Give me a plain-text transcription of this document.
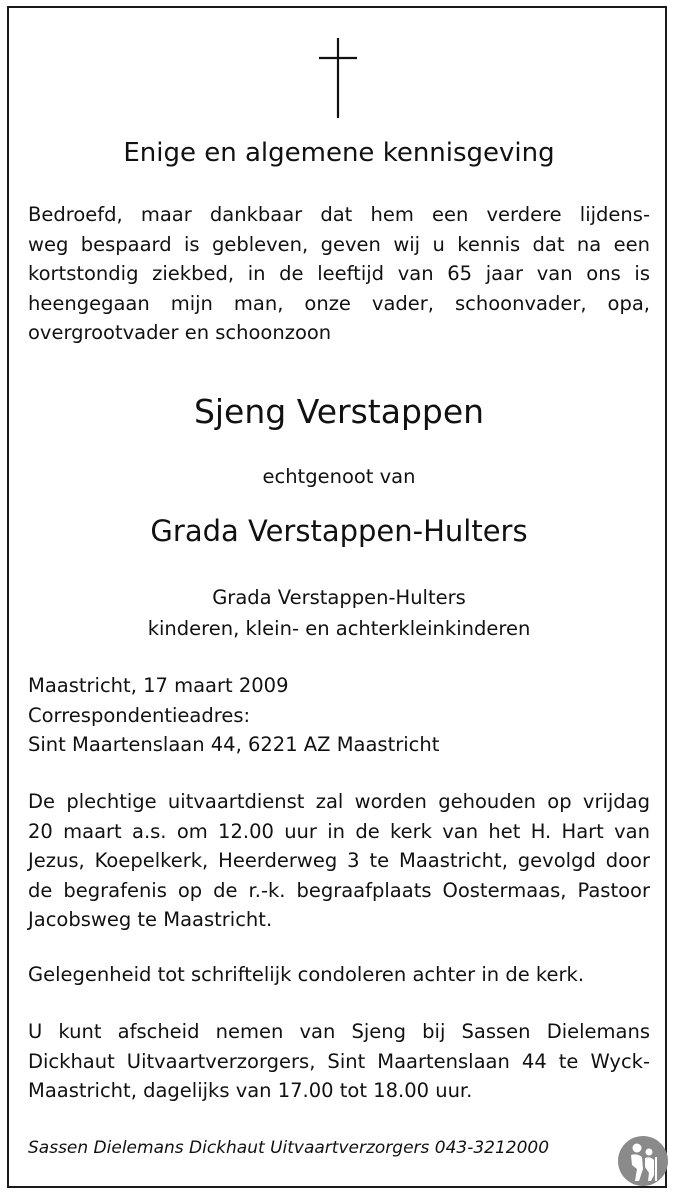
Enige en algemene kennisgeving
Bedroefd, maar dankbaar dat hem een verdere lijdens-
weg bespaard is gebleven, geven wij u kennis dat na een
kortstondig ziekbed, in de leeftijd van 65 jaar van ons is
heengegaan mijn man, onze vader, schoonvader, opa,
overgrootvader en schoonzoon
Sjeng Verstappen
echtgenoot van
Grada Verstappen-Hulters
Grada Verstappen-Hulters
kinderen, klein- en achterkleinkinderen
Maastricht, 17 maart 2009
Correspondentieadres:
Sint Maartenslaan 44, 6221 AZ Maastricht
De plechtige uitvaartdienst zal worden gehouden op vrijdag
20 maart a.s. om 12.00 uur in de kerk van het H. Hart van
Jezus, Koepelkerk, Heerderweg 3 te Maastricht, gevolgd door
de begrafenis op de r.-k. begraafplaats Oostermaas, Pastoor
Jacobsweg te Maastricht.
Gelegenheid tot schriftelijk condoleren achter in de kerk.
U kunt afscheid nemen van Sjeng bij Sassen Dielemans
Dickhaut Uitvaartverzorgers, Sint Maartenslaan 44 te Wyck-
Maastricht, dagelijks van 17.00 tot 18.00 uur.
Sassen Dielemans Dickhaut Uitvaartverzorgers 043-3212000
